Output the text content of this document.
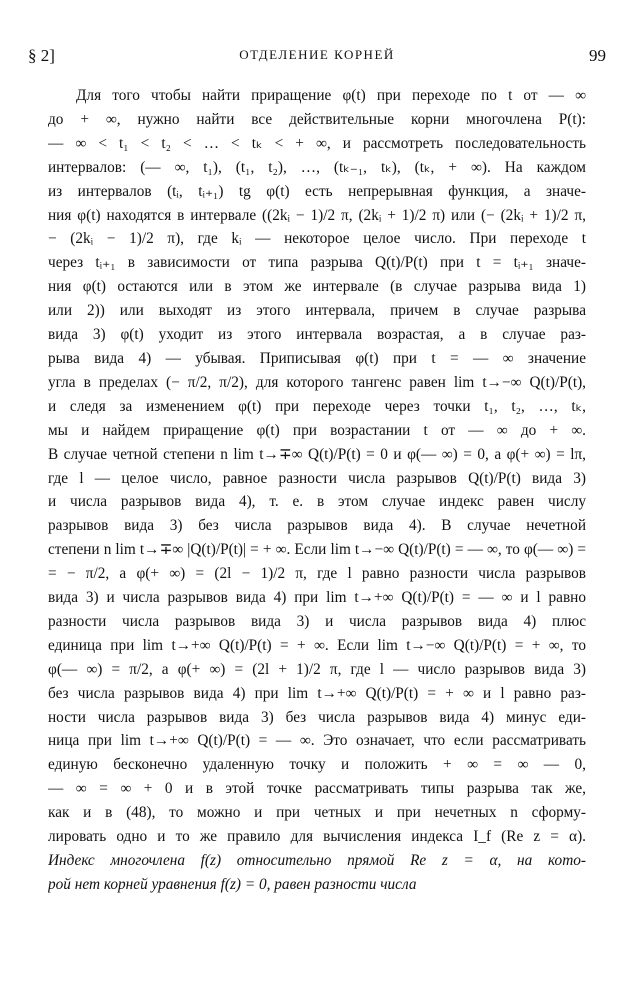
§ 2]	ОТДЕЛЕНИЕ КОРНЕЙ	99
Для того чтобы найти приращение φ(t) при переходе по t от — ∞
до + ∞, нужно найти все действительные корни многочлена P(t):
— ∞ < t₁ < t₂ < … < tₖ < + ∞, и рассмотреть последовательность
интервалов: (— ∞, t₁), (t₁, t₂), …, (tₖ₋₁, tₖ), (tₖ, + ∞). На каждом
из интервалов (tᵢ, tᵢ₊₁) tg φ(t) есть непрерывная функция, а значе-
ния φ(t) находятся в интервале ((2kᵢ − 1)/2 π, (2kᵢ + 1)/2 π) или (− (2kᵢ + 1)/2 π,
− (2kᵢ − 1)/2 π), где kᵢ — некоторое целое число. При переходе t
через tᵢ₊₁ в зависимости от типа разрыва Q(t)/P(t) при t = tᵢ₊₁ значе-
ния φ(t) остаются или в этом же интервале (в случае разрыва вида 1)
или 2)) или выходят из этого интервала, причем в случае разрыва
вида 3) φ(t) уходит из этого интервала возрастая, а в случае раз-
рыва вида 4) — убывая. Приписывая φ(t) при t = — ∞ значение
угла в пределах (− π/2, π/2), для которого тангенс равен lim t→−∞ Q(t)/P(t),
и следя за изменением φ(t) при переходе через точки t₁, t₂, …, tₖ,
мы и найдем приращение φ(t) при возрастании t от — ∞ до + ∞.
В случае четной степени n lim t→∓∞ Q(t)/P(t) = 0 и φ(— ∞) = 0, а φ(+ ∞) = lπ,
где l — целое число, равное разности числа разрывов Q(t)/P(t) вида 3)
и числа разрывов вида 4), т. е. в этом случае индекс равен числу
разрывов вида 3) без числа разрывов вида 4). В случае нечетной
степени n lim t→∓∞ |Q(t)/P(t)| = + ∞. Если lim t→−∞ Q(t)/P(t) = — ∞, то φ(— ∞) =
= − π/2, а φ(+ ∞) = (2l − 1)/2 π, где l равно разности числа разрывов
вида 3) и числа разрывов вида 4) при lim t→+∞ Q(t)/P(t) = — ∞ и l равно
разности числа разрывов вида 3) и числа разрывов вида 4) плюс
единица при lim t→+∞ Q(t)/P(t) = + ∞. Если lim t→−∞ Q(t)/P(t) = + ∞, то
φ(— ∞) = π/2, а φ(+ ∞) = (2l + 1)/2 π, где l — число разрывов вида 3)
без числа разрывов вида 4) при lim t→+∞ Q(t)/P(t) = + ∞ и l равно раз-
ности числа разрывов вида 3) без числа разрывов вида 4) минус еди-
ница при lim t→+∞ Q(t)/P(t) = — ∞. Это означает, что если рассматривать
единую бесконечно удаленную точку и положить + ∞ = ∞ — 0,
— ∞ = ∞ + 0 и в этой точке рассматривать типы разрыва так же,
как и в (48), то можно и при четных и при нечетных n сформу-
лировать одно и то же правило для вычисления индекса I_f (Re z = α).
Индекс многочлена f(z) относительно прямой Re z = α, на кото-
рой нет корней уравнения f(z) = 0, равен разности числа
